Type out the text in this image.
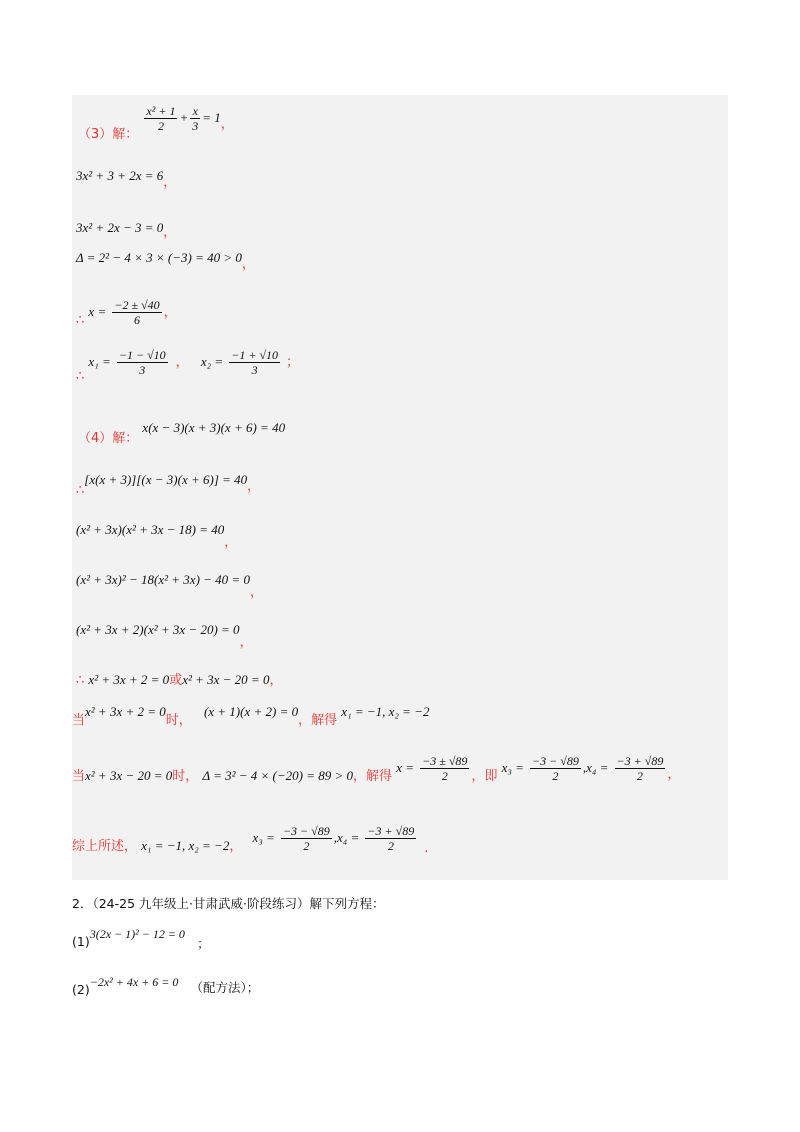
（3）解：
$\frac{\text{x² + 1}}{2} + \frac{x}{3} = 1$，
3x² + 3 + 2x = 6，
3x² + 2x − 3 = 0，
Δ = 2² − 4 × 3 × (−3) = 40 > 0，
∴ $x = \frac{-2 \pm √40}{6}$ ，
∴ $x_1 = \frac{-1 - √10}{3}$ ， $x_2 = \frac{-1 + √10}{3}$ ；
（4）解： x(x − 3)(x + 3)(x + 6) = 40
∴[x(x + 3)][(x − 3)(x + 6)] = 40，
(x² + 3x)(x² + 3x − 18) = 40，
(x² + 3x)² − 18(x² + 3x) − 40 = 0，
(x² + 3x + 2)(x² + 3x − 20) = 0，
∴ x² + 3x + 2 = 0或x² + 3x − 20 = 0，
当x² + 3x + 2 = 0时， (x + 1)(x + 2) = 0，解得 x₁ = −1, x₂ = −2
当x² + 3x − 20 = 0时， Δ = 3² − 4 × (−20) = 89 > 0，解得 $x = \frac{-3 \pm √89}{2}$ ，即 $x_3 = \frac{-3 - √89}{2} ,x_4 = \frac{-3 + √89}{2}$ ，
综上所述， x₁ = −1, x₂ = −2， $x_3 = \frac{-3 - √89}{2} ,x_4 = \frac{-3 + √89}{2}$ .
2．（24-25 九年级上·甘肃武威·阶段练习）解下列方程：
(1)3(2x − 1)² − 12 = 0 ；
(2)−2x² + 4x + 6 = 0 （配方法）；
